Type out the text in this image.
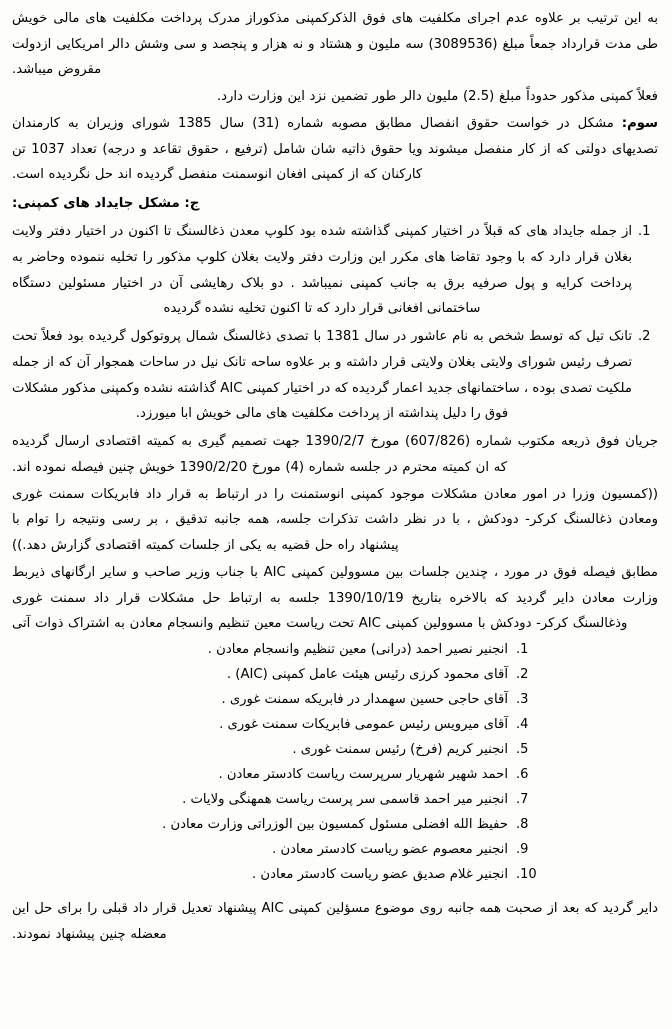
به این ترتیب بر علاوه عدم اجرای مکلفیت های فوق الذکرکمپنی مذکوراز مدرک پرداخت مکلفیت های مالی خویش طی مدت قرارداد جمعاً مبلغ (3089536) سه ملیون و هشتاد و نه هزار و پنجصد و سی وشش دالر امریکایی ازدولت مقروض میباشد.

فعلاً کمپنی مذکور حدوداً مبلغ (2.5) ملیون دالر طور تضمین نزد این وزارت دارد.

سوم: مشکل در خواست حقوق انفصال مطابق مصوبه شماره (31) سال 1385 شورای وزیران به کارمندان تصدیهای دولتی که از کار منفصل میشوند ویا حقوق ذاتیه شان شامل (ترفیع ، حقوق تقاعد و درجه) تعداد 1037 تن کارکنان که از کمپنی افغان انوسمنت منفصل گردیده اند حل نگردیده است.

ج: مشکل جایداد های کمپنی:

1.
از جمله جایداد های که قبلاً در اختیار کمپنی گذاشته شده بود کلوپ معدن ذغالسنگ تا اکنون در اختیار دفتر ولایت بغلان قرار دارد که با وجود تقاضا های مکرر این وزارت دفتر ولایت بغلان کلوپ مذکور را تخلیه ننموده وحاضر به پرداخت کرایه و پول صرفیه برق به جانب کمپنی نمیباشد . دو بلاک رهایشی آن در اختیار مسئولین دستگاه ساختمانی افغانی قرار دارد که تا اکنون تخلیه نشده گردیده
2.
تانک تیل که توسط شخص به نام عاشور در سال 1381 با تصدی ذغالسنگ شمال پروتوکول گردیده بود فعلاً تحت تصرف رئیس شورای ولایتی بغلان ولایتی قرار داشته و بر علاوه ساحه تانک نیل در ساحات همجوار آن که از جمله ملکیت تصدی بوده ، ساختمانهای جدید اعمار گردیده که در اختیار کمپنی AIC گذاشته نشده وکمپنی مذکور مشکلات فوق را دلیل پنداشته از پرداخت مکلفیت های مالی خویش ابا میورزد.

جریان فوق ذریعه مکتوب شماره (607/826) مورخ 1390/2/7 جهت تصمیم گیری به کمیته اقتصادی ارسال گردیده که ان کمیته محترم در جلسه شماره (4) مورخ 1390/2/20 خویش چنین فیصله نموده اند.

((کمسیون وزرا در امور معادن مشکلات موجود کمپنی انوستمنت را در ارتباط به قرار داد فابریکات سمنت غوری ومعادن ذغالسنگ کرکر- دودکش ، با در نظر داشت تذکرات جلسه، همه جانبه تدقیق ، بر رسی ونتیجه را توام با پیشنهاد راه حل قضیه به یکی از جلسات کمیته اقتصادی گزارش دهد.))

مطابق فیصله فوق در مورد ، چندین جلسات بین مسوولین کمپنی AIC با جناب وزیر صاحب و سایر ارگانهای ذیربط وزارت معادن دایر گردید که بالاخره بتاریخ 1390/10/19 جلسه به ارتباط حل مشکلات قرار داد سمنت غوری وذغالسنگ کرکر- دودکش با مسوولین کمپنی AIC تحت ریاست معین تنظیم وانسجام معادن به اشتراک ذوات آتی

1.
انجنیر نصیر احمد (درانی) معین تنظیم وانسجام معادن .
2.
آقای محمود کرزی رئیس هیئت عامل کمپنی (AIC) .
3.
آقای حاجی حسین سهمدار در فابریکه سمنت غوری .
4.
آقای میرویس رئیس عمومی فابریکات سمنت غوری .
5.
انجنیر کریم (فرخ) رئیس سمنت غوری .
6.
احمد شهیر شهریار سرپرست ریاست کادستر معادن .
7.
انجنیر میر احمد قاسمی سر پرست ریاست همهنگی ولایات .
8.
حفیظ الله افضلی مسئول کمسیون بین الوزراتی وزارت معادن .
9.
انجنیر معصوم عضو ریاست کادستر معادن .
10.
انجنیر غلام صدیق عضو ریاست کادستر معادن .

دایر گردید که بعد از صحبت همه جانبه روی موضوع مسؤلین کمپنی AIC پیشنهاد تعدیل قرار داد قبلی را برای حل این معضله چنین پیشنهاد نمودند.
